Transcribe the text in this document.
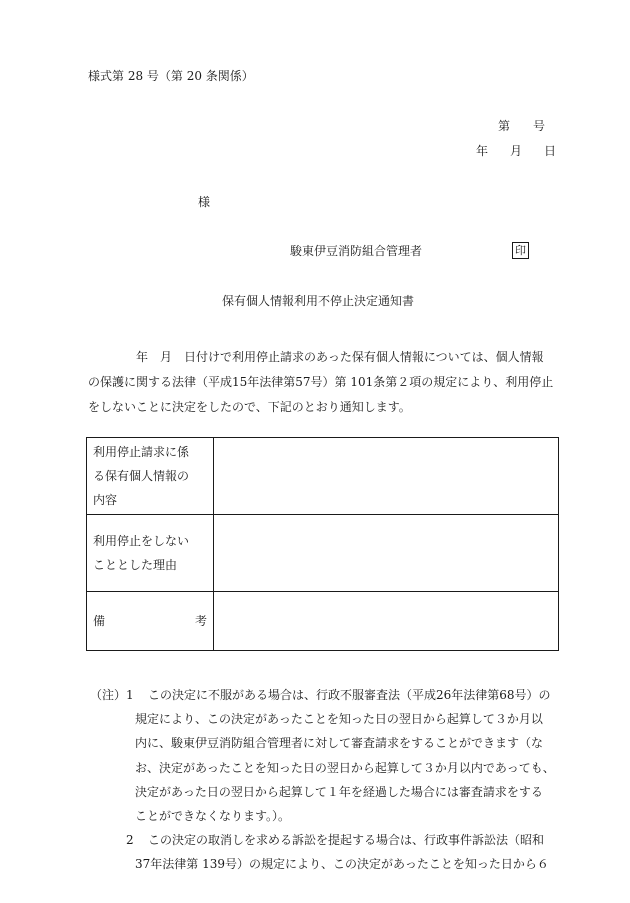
様式第 28 号（第 20 条関係）
第 号
年 月 日
様
駿東伊豆消防組合管理者	印
保有個人情報利用不停止決定通知書
年　月　日付けで利用停止請求のあった保有個人情報については、個人情報
の保護に関する法律（平成15年法律第57号）第 101条第２項の規定により、利用停止
をしないことに決定をしたので、下記のとおり通知します。
利用停止請求に係
る保有個人情報の
内容	

利用停止をしない
こととした理由	

備 考	

（注） 1 この決定に不服がある場合は、行政不服審査法（平成26年法律第68号）の
規定により、この決定があったことを知った日の翌日から起算して３か月以
内に、駿東伊豆消防組合管理者に対して審査請求をすることができます（な
お、決定があったことを知った日の翌日から起算して３か月以内であっても、
決定があった日の翌日から起算して１年を経過した場合には審査請求をする
ことができなくなります。）。
2 この決定の取消しを求める訴訟を提起する場合は、行政事件訴訟法（昭和
37年法律第 139号）の規定により、この決定があったことを知った日から６
